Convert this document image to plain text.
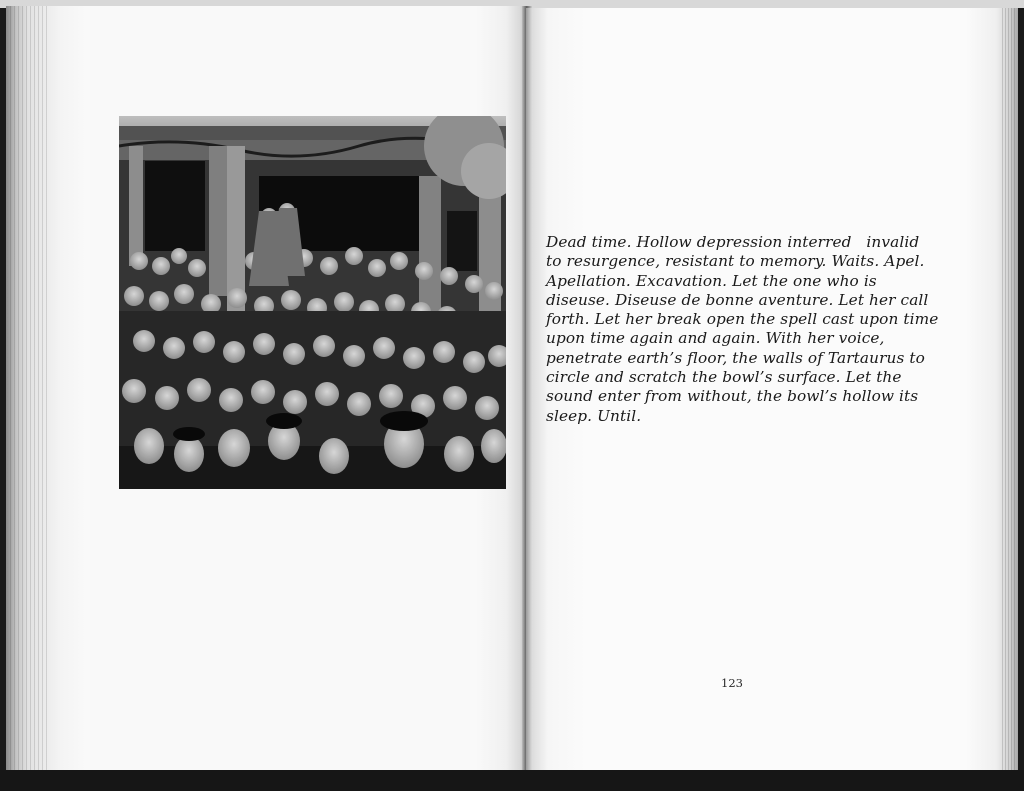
Dead time. Hollow depression interred   invalid
to resurgence, resistant to memory. Waits. Apel.
Apellation. Excavation. Let the one who is
diseuse. Diseuse de bonne aventure. Let her call
forth. Let her break open the spell cast upon time
upon time again and again. With her voice,
penetrate earth’s floor, the walls of Tartaurus to
circle and scratch the bowl’s surface. Let the
sound enter from without, the bowl’s hollow its
sleep. Until.

123
